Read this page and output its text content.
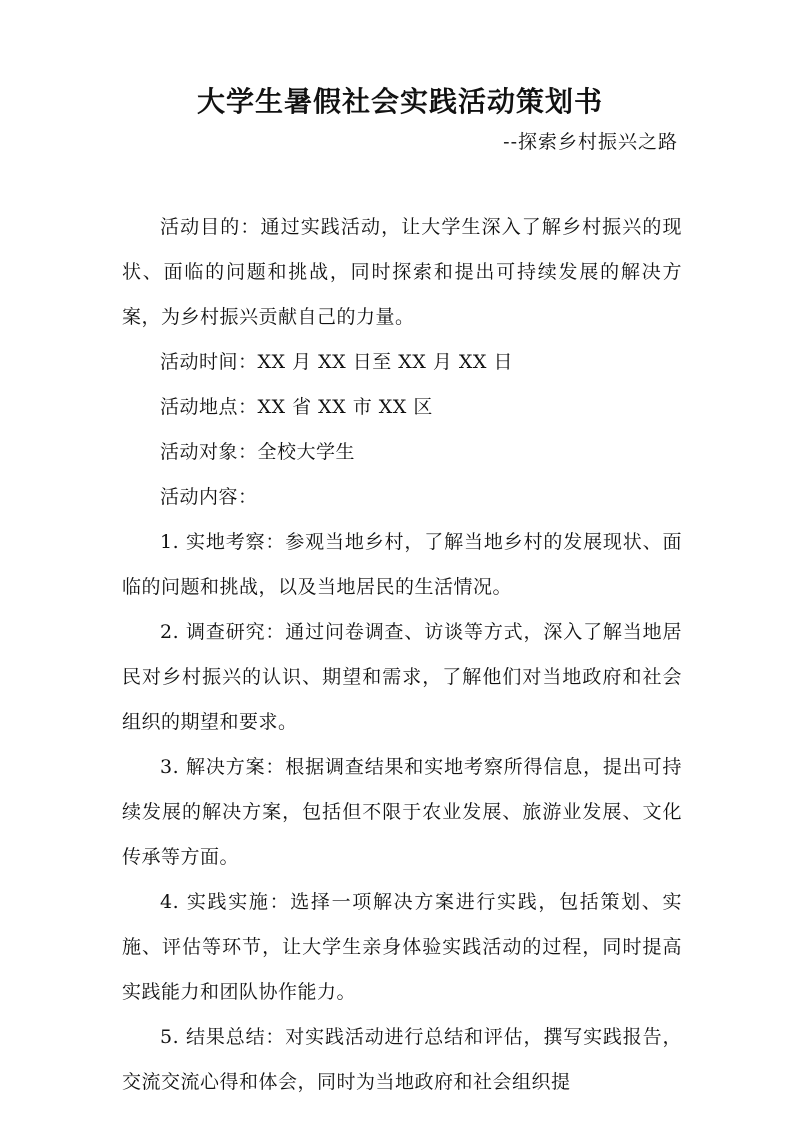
大学生暑假社会实践活动策划书
--探索乡村振兴之路

活动目的：通过实践活动，让大学生深入了解乡村振兴的现状、面临的问题和挑战，同时探索和提出可持续发展的解决方案，为乡村振兴贡献自己的力量。

活动时间：XX 月 XX 日至 XX 月 XX 日

活动地点：XX 省 XX 市 XX 区

活动对象：全校大学生

活动内容：

1. 实地考察：参观当地乡村，了解当地乡村的发展现状、面临的问题和挑战，以及当地居民的生活情况。

2. 调查研究：通过问卷调查、访谈等方式，深入了解当地居民对乡村振兴的认识、期望和需求，了解他们对当地政府和社会组织的期望和要求。

3. 解决方案：根据调查结果和实地考察所得信息，提出可持续发展的解决方案，包括但不限于农业发展、旅游业发展、文化传承等方面。

4. 实践实施：选择一项解决方案进行实践，包括策划、实施、评估等环节，让大学生亲身体验实践活动的过程，同时提高实践能力和团队协作能力。

5. 结果总结：对实践活动进行总结和评估，撰写实践报告，交流交流心得和体会，同时为当地政府和社会组织提
